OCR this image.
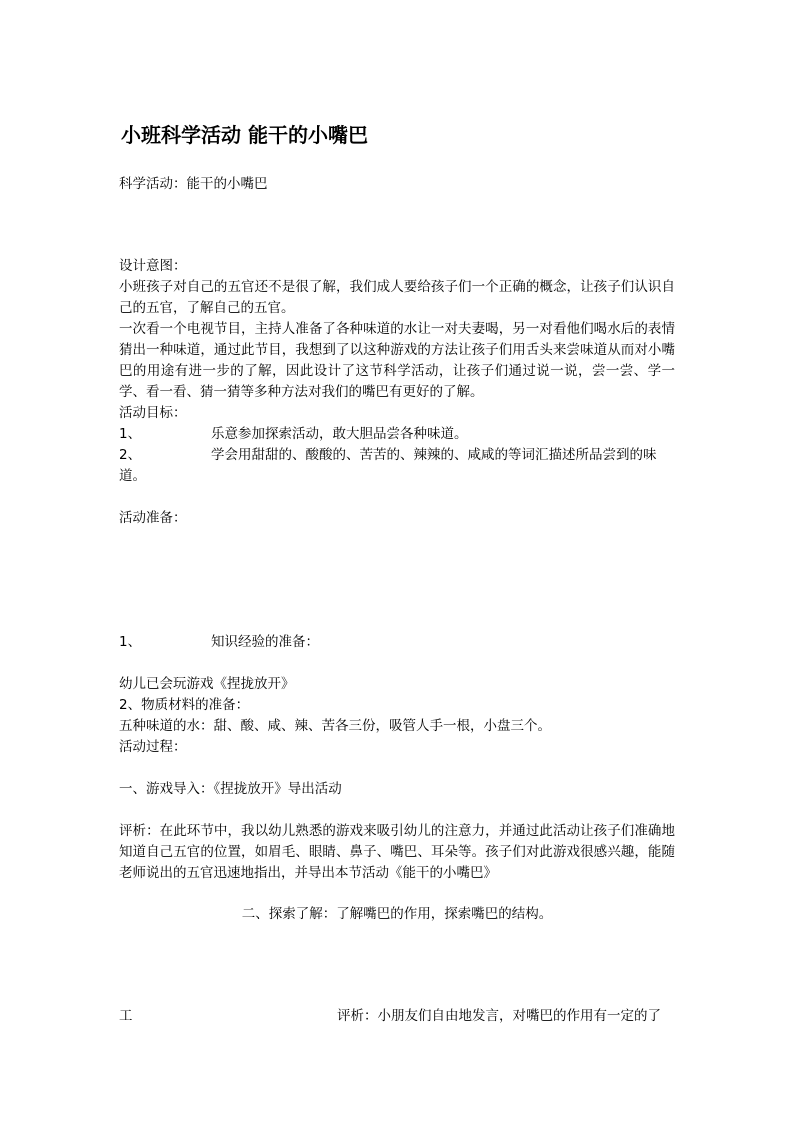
小班科学活动 能干的小嘴巴
科学活动：能干的小嘴巴
设计意图：
小班孩子对自己的五官还不是很了解，我们成人要给孩子们一个正确的概念，让孩子们认识自己的五官，了解自己的五官。
一次看一个电视节目，主持人准备了各种味道的水让一对夫妻喝，另一对看他们喝水后的表情猜出一种味道，通过此节目，我想到了以这种游戏的方法让孩子们用舌头来尝味道从而对小嘴巴的用途有进一步的了解，因此设计了这节科学活动，让孩子们通过说一说，尝一尝、学一学、看一看、猜一猜等多种方法对我们的嘴巴有更好的了解。
活动目标：
1、	乐意参加探索活动，敢大胆品尝各种味道。
2、	学会用甜甜的、酸酸的、苦苦的、辣辣的、咸咸的等词汇描述所品尝到的味
道。
活动准备：
1、	知识经验的准备：
幼儿已会玩游戏《捏拢放开》
2、物质材料的准备：
五种味道的水：甜、酸、咸、辣、苦各三份，吸管人手一根，小盘三个。
活动过程：
一、游戏导入：《捏拢放开》导出活动
评析：在此环节中，我以幼儿熟悉的游戏来吸引幼儿的注意力，并通过此活动让孩子们准确地知道自己五官的位置，如眉毛、眼睛、鼻子、嘴巴、耳朵等。孩子们对此游戏很感兴趣，能随老师说出的五官迅速地指出，并导出本节活动《能干的小嘴巴》
二、探索了解：了解嘴巴的作用，探索嘴巴的结构。
工	评析：小朋友们自由地发言，对嘴巴的作用有一定的了
